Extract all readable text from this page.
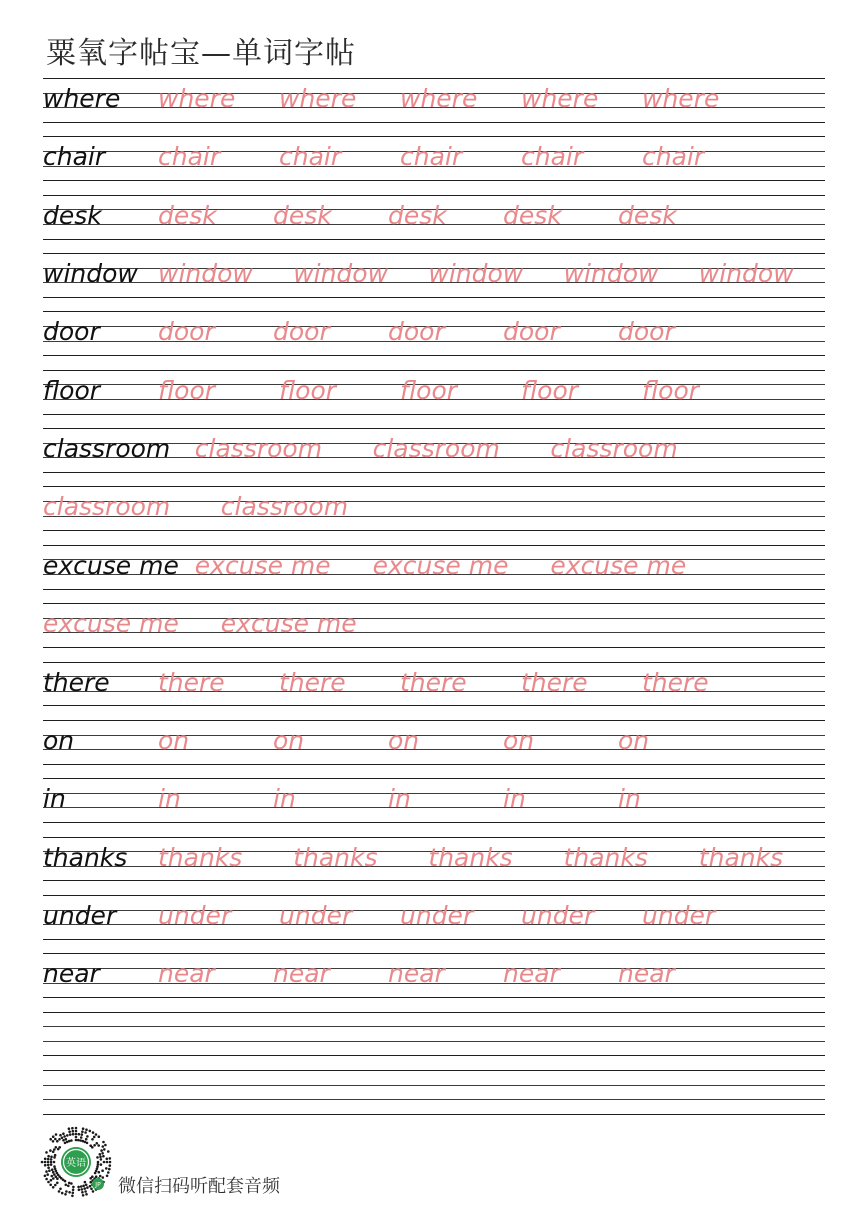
粟氧字帖宝—单词字帖
where where where where where where
chair chair chair chair chair chair
desk desk desk desk desk desk
window window window window window window
door door door door door door
floor floor	floor	floor	floor	floor
classroom classroom classroom classroom
classroom classroom
excuse me excuse me excuse me excuse me
excuse me excuse me
there there there there there there
on	on	on	on	on	on
in	in	in	in	in	in
thanks thanks thanks thanks thanks thanks
under under under under under under
near near near near near near
英语
JP 微信扫码听配套音频
